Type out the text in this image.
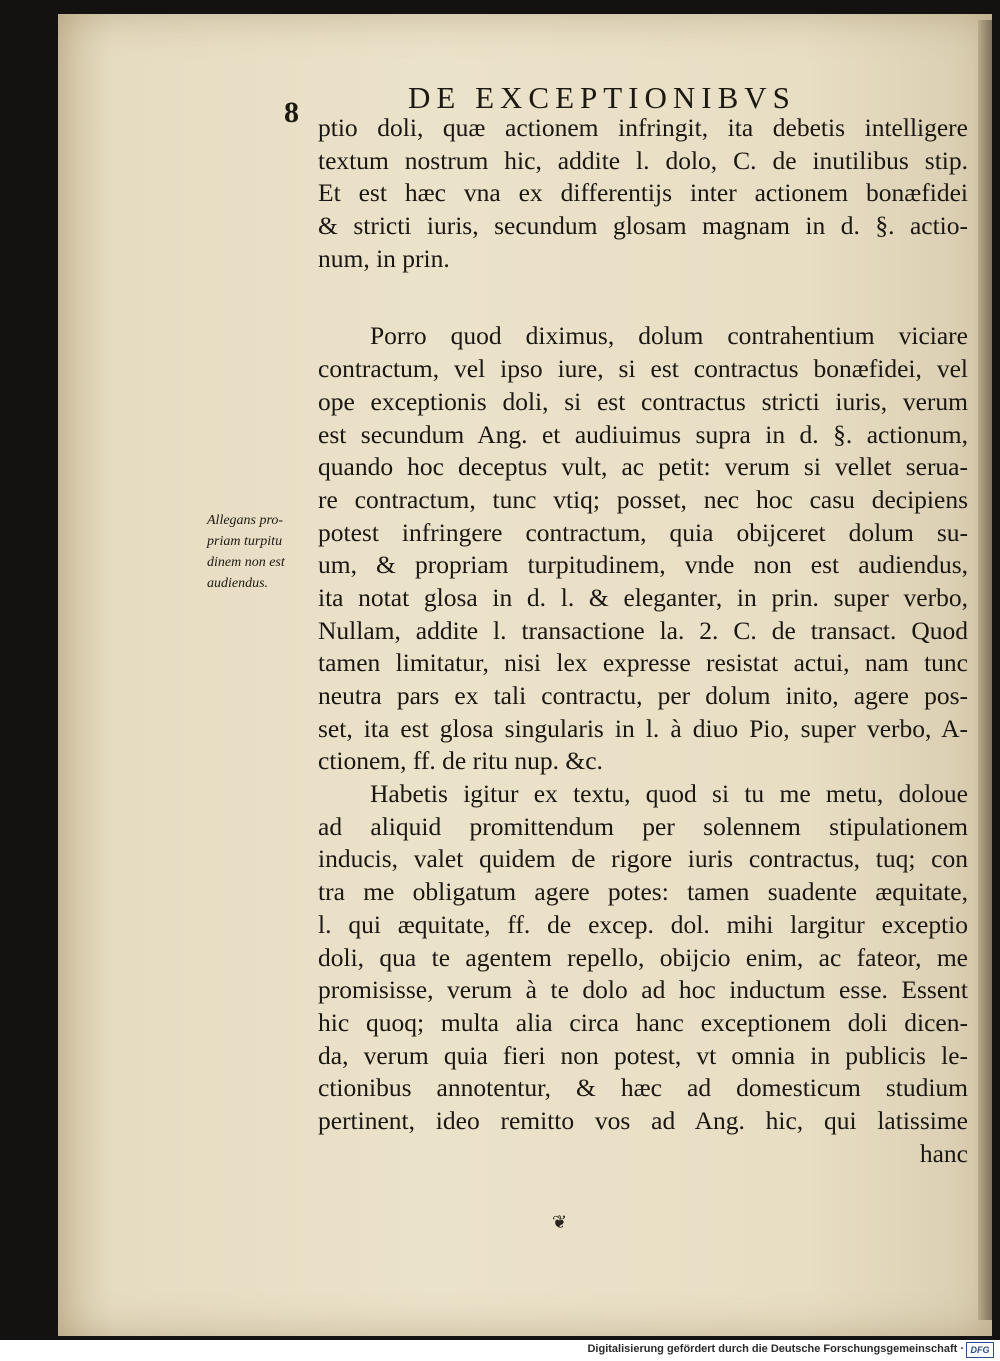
8	DE EXCEPTIONIBVS
ptio doli, quæ actionem infringit, ita debetis intelligere
textum nostrum hic, addite l. dolo, C. de inutilibus stip.
Et est hæc vna ex differentijs inter actionem bonæfidei
& stricti iuris, secundum glosam magnam in d. §. actio-
num, in prin.
Porro quod diximus, dolum contrahentium viciare
contractum, vel ipso iure, si est contractus bonæfidei, vel
ope exceptionis doli, si est contractus stricti iuris, verum
est secundum Ang. et audiuimus supra in d. §. actionum,
quando hoc deceptus vult, ac petit: verum si vellet serua-
re contractum, tunc vtiq; posset, nec hoc casu decipiens
potest infringere contractum, quia obijceret dolum su-
um, & propriam turpitudinem, vnde non est audiendus,
ita notat glosa in d. l. & eleganter, in prin. super verbo,
Nullam, addite l. transactione la. 2. C. de transact. Quod
tamen limitatur, nisi lex expresse resistat actui, nam tunc
neutra pars ex tali contractu, per dolum inito, agere pos-
set, ita est glosa singularis in l. à diuo Pio, super verbo, A-
ctionem, ff. de ritu nup. &c.
Habetis igitur ex textu, quod si tu me metu, doloue
ad aliquid promittendum per solennem stipulationem
inducis, valet quidem de rigore iuris contractus, tuq; con
tra me obligatum agere potes: tamen suadente æquitate,
l. qui æquitate, ff. de excep. dol. mihi largitur exceptio
doli, qua te agentem repello, obijcio enim, ac fateor, me
promisisse, verum à te dolo ad hoc inductum esse. Essent
hic quoq; multa alia circa hanc exceptionem doli dicen-
da, verum quia fieri non potest, vt omnia in publicis le-
ctionibus annotentur, & hæc ad domesticum studium
pertinent, ideo remitto vos ad Ang. hic, qui latissime
hanc
Allegans pro-
priam turpitu
dinem non est
audiendus.
❦
Digitalisierung gefördert durch die Deutsche Forschungsgemeinschaft · DFG
